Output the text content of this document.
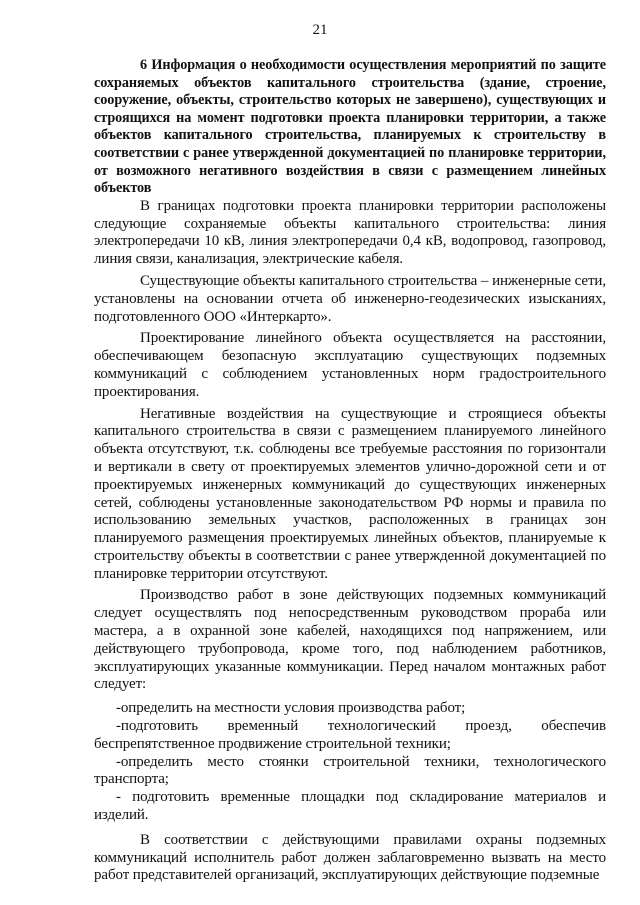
21

6 Информация о необходимости осуществления мероприятий по защите сохраняемых объектов капитального строительства (здание, строение, сооружение, объекты, строительство которых не завершено), существующих и строящихся на момент подготовки проекта планировки территории, а также объектов капитального строительства, планируемых к строительству в соответствии с ранее утвержденной документацией по планировке территории, от возможного негативного воздействия в связи с размещением линейных объектов

В границах подготовки проекта планировки территории расположены следующие сохраняемые объекты капитального строительства: линия электропередачи 10 кВ, линия электропередачи 0,4 кВ, водопровод, газопровод, линия связи, канализация, электрические кабеля.

Существующие объекты капитального строительства – инженерные сети, установлены на основании отчета об инженерно-геодезических изысканиях, подготовленного ООО «Интеркарто».

Проектирование линейного объекта осуществляется на расстоянии, обеспечивающем безопасную эксплуатацию существующих подземных коммуникаций с соблюдением установленных норм градостроительного проектирования.

Негативные воздействия на существующие и строящиеся объекты капитального строительства в связи с размещением планируемого линейного объекта отсутствуют, т.к. соблюдены все требуемые расстояния по горизонтали и вертикали в свету от проектируемых элементов улично-дорожной сети и от проектируемых инженерных коммуникаций до существующих инженерных сетей, соблюдены установленные законодательством РФ нормы и правила по использованию земельных участков, расположенных в границах зон планируемого размещения проектируемых линейных объектов, планируемые к строительству объекты в соответствии с ранее утвержденной документацией по планировке территории отсутствуют.

Производство работ в зоне действующих подземных коммуникаций следует осуществлять под непосредственным руководством прораба или мастера, а в охранной зоне кабелей, находящихся под напряжением, или действующего трубопровода, кроме того, под наблюдением работников, эксплуатирующих указанные коммуникации. Перед началом монтажных работ следует:

-определить на местности условия производства работ;

-подготовить временный технологический проезд, обеспечив беспрепятственное продвижение строительной техники;

-определить место стоянки строительной техники, технологического транспорта;

- подготовить временные площадки под складирование материалов и изделий.

В соответствии с действующими правилами охраны подземных коммуникаций исполнитель работ должен заблаговременно вызвать на место работ представителей организаций, эксплуатирующих действующие подземные
